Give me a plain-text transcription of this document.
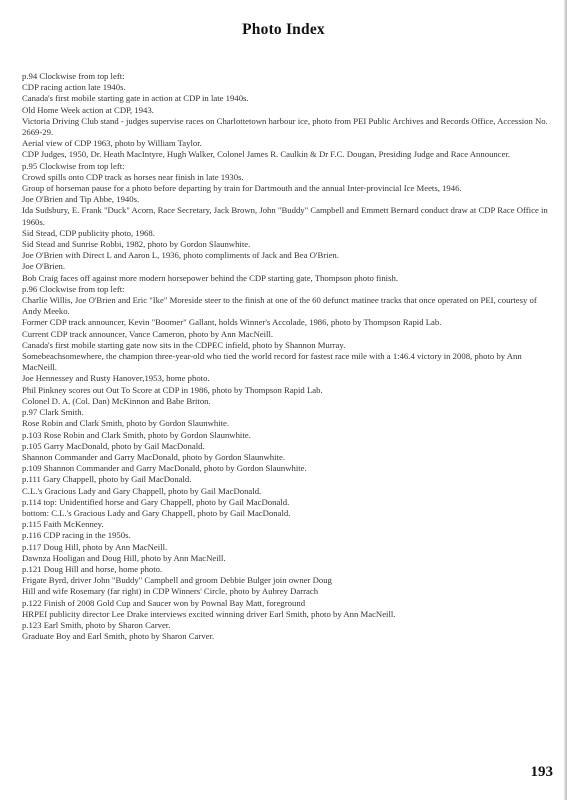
Photo Index
p.94 Clockwise from top left:
CDP racing action late 1940s.
Canada's first mobile starting gate in action at CDP in late 1940s.
Old Home Week action at CDP, 1943.
Victoria Driving Club stand - judges supervise races on Charlottetown harbour ice, photo from PEI Public Archives and Records Office, Accession No. 2669-29.
Aerial view of CDP 1963, photo by William Taylor.
CDP Judges, 1950, Dr. Heath MacIntyre, Hugh Walker, Colonel James R. Caulkin & Dr F.C. Dougan, Presiding Judge and Race Announcer.
p.95 Clockwise from top left:
Crowd spills onto CDP track as horses near finish in late 1930s.
Group of horseman pause for a photo before departing by train for Dartmouth and the annual Inter-provincial Ice Meets, 1946.
Joe O'Brien and Tip Abbe, 1940s.
Ida Sudsbury, E. Frank "Duck" Acorn, Race Secretary, Jack Brown, John "Buddy" Campbell and Emmett Bernard conduct draw at CDP Race Office in 1960s.
Sid Stead, CDP publicity photo, 1968.
Sid Stead and Sunrise Robbi, 1982, photo by Gordon Slaunwhite.
Joe O'Brien with Direct L and Aaron L, 1936, photo compliments of Jack and Bea O'Brien.
Joe O'Brien.
Bob Craig faces off against more modern horsepower behind the CDP starting gate, Thompson photo finish.
p.96 Clockwise from top left:
Charlie Willis, Joe O'Brien and Eric "Ike" Moreside steer to the finish at one of the 60 defunct matinee tracks that once operated on PEI, courtesy of Andy Meeko.
Former CDP track announcer, Kevin "Boomer" Gallant, holds Winner's Accolade, 1986, photo by Thompson Rapid Lab.
Current CDP track announcer, Vance Cameron, photo by Ann MacNeill.
Canada's first mobile starting gate now sits in the CDPEC infield, photo by Shannon Murray.
Somebeachsomewhere, the champion three-year-old who tied the world record for fastest race mile with a 1:46.4 victory in 2008, photo by Ann MacNeill.
Joe Hennessey and Rusty Hanover,1953, home photo.
Phil Pinkney scores out Out To Score at CDP in 1986, photo by Thompson Rapid Lab.
Colonel D. A. (Col. Dan) McKinnon and Babe Briton.
p.97 Clark Smith.
Rose Robin and Clark Smith, photo by Gordon Slaunwhite.
p.103 Rose Robin and Clark Smith, photo by Gordon Slaunwhite.
p.105 Garry MacDonald, photo by Gail MacDonald.
Shannon Commander and Garry MacDonald, photo by Gordon Slaunwhite.
p.109 Shannon Commander and Garry MacDonald, photo by Gordon Slaunwhite.
p.111 Gary Chappell, photo by Gail MacDonald.
C.L.'s Gracious Lady and Gary Chappell, photo by Gail MacDonald.
p.114 top: Unidentified horse and Gary Chappell, photo by Gail MacDonald.
bottom: C.L.'s Gracious Lady and Gary Chappell, photo by Gail MacDonald.
p.115 Faith McKenney.
p.116 CDP racing in the 1950s.
p.117 Doug Hill, photo by Ann MacNeill.
Dawnza Hooligan and Doug Hill, photo by Ann MacNeill.
p.121 Doug Hill and horse, home photo.
Frigate Byrd, driver John "Buddy" Campbell and groom Debbie Bulger join owner Doug
Hill and wife Rosemary (far right) in CDP Winners' Circle, photo by Aubrey Darrach
p.122 Finish of 2008 Gold Cup and Saucer won by Pownal Bay Matt, foreground
HRPEI publicity director Lee Drake interviews excited winning driver Earl Smith, photo by Ann MacNeill.
p.123 Earl Smith, photo by Sharon Carver.
Graduate Boy and Earl Smith, photo by Sharon Carver.
193
